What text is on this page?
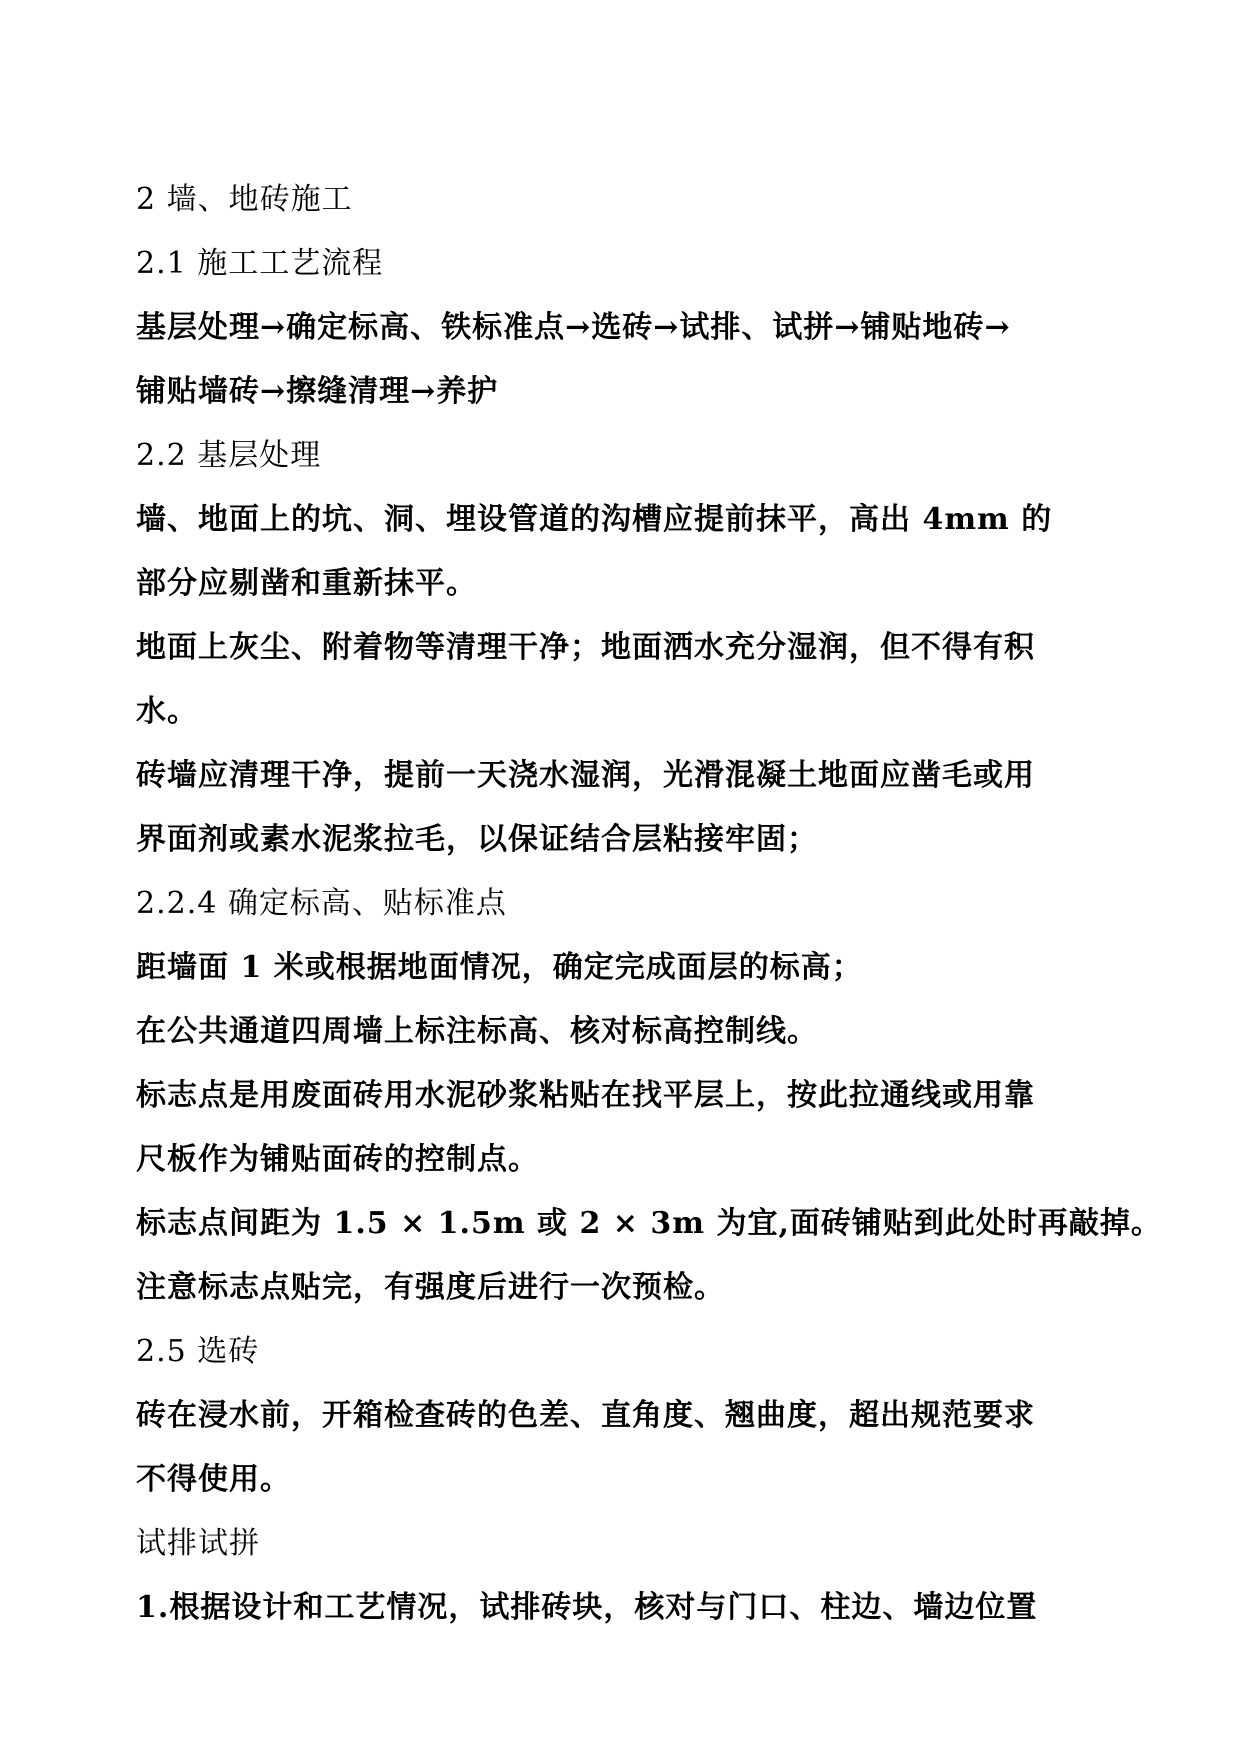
2 墙、地砖施工
2.1 施工工艺流程
基层处理→确定标高、铁标准点→选砖→试排、试拼→铺贴地砖→
铺贴墙砖→擦缝清理→养护
2.2 基层处理
墙、地面上的坑、洞、埋设管道的沟槽应提前抹平，高出 4mm 的
部分应剔凿和重新抹平。
地面上灰尘、附着物等清理干净；地面洒水充分湿润，但不得有积
水。
砖墙应清理干净，提前一天浇水湿润，光滑混凝土地面应凿毛或用
界面剂或素水泥浆拉毛，以保证结合层粘接牢固；
2.2.4 确定标高、贴标准点
距墙面 1 米或根据地面情况，确定完成面层的标高；
在公共通道四周墙上标注标高、核对标高控制线。
标志点是用废面砖用水泥砂浆粘贴在找平层上，按此拉通线或用靠
尺板作为铺贴面砖的控制点。
标志点间距为 1.5 × 1.5m 或 2 × 3m 为宜,面砖铺贴到此处时再敲掉。
注意标志点贴完，有强度后进行一次预检。
2.5 选砖
砖在浸水前，开箱检查砖的色差、直角度、翘曲度，超出规范要求
不得使用。
试排试拼
1.根据设计和工艺情况，试排砖块，核对与门口、柱边、墙边位置
